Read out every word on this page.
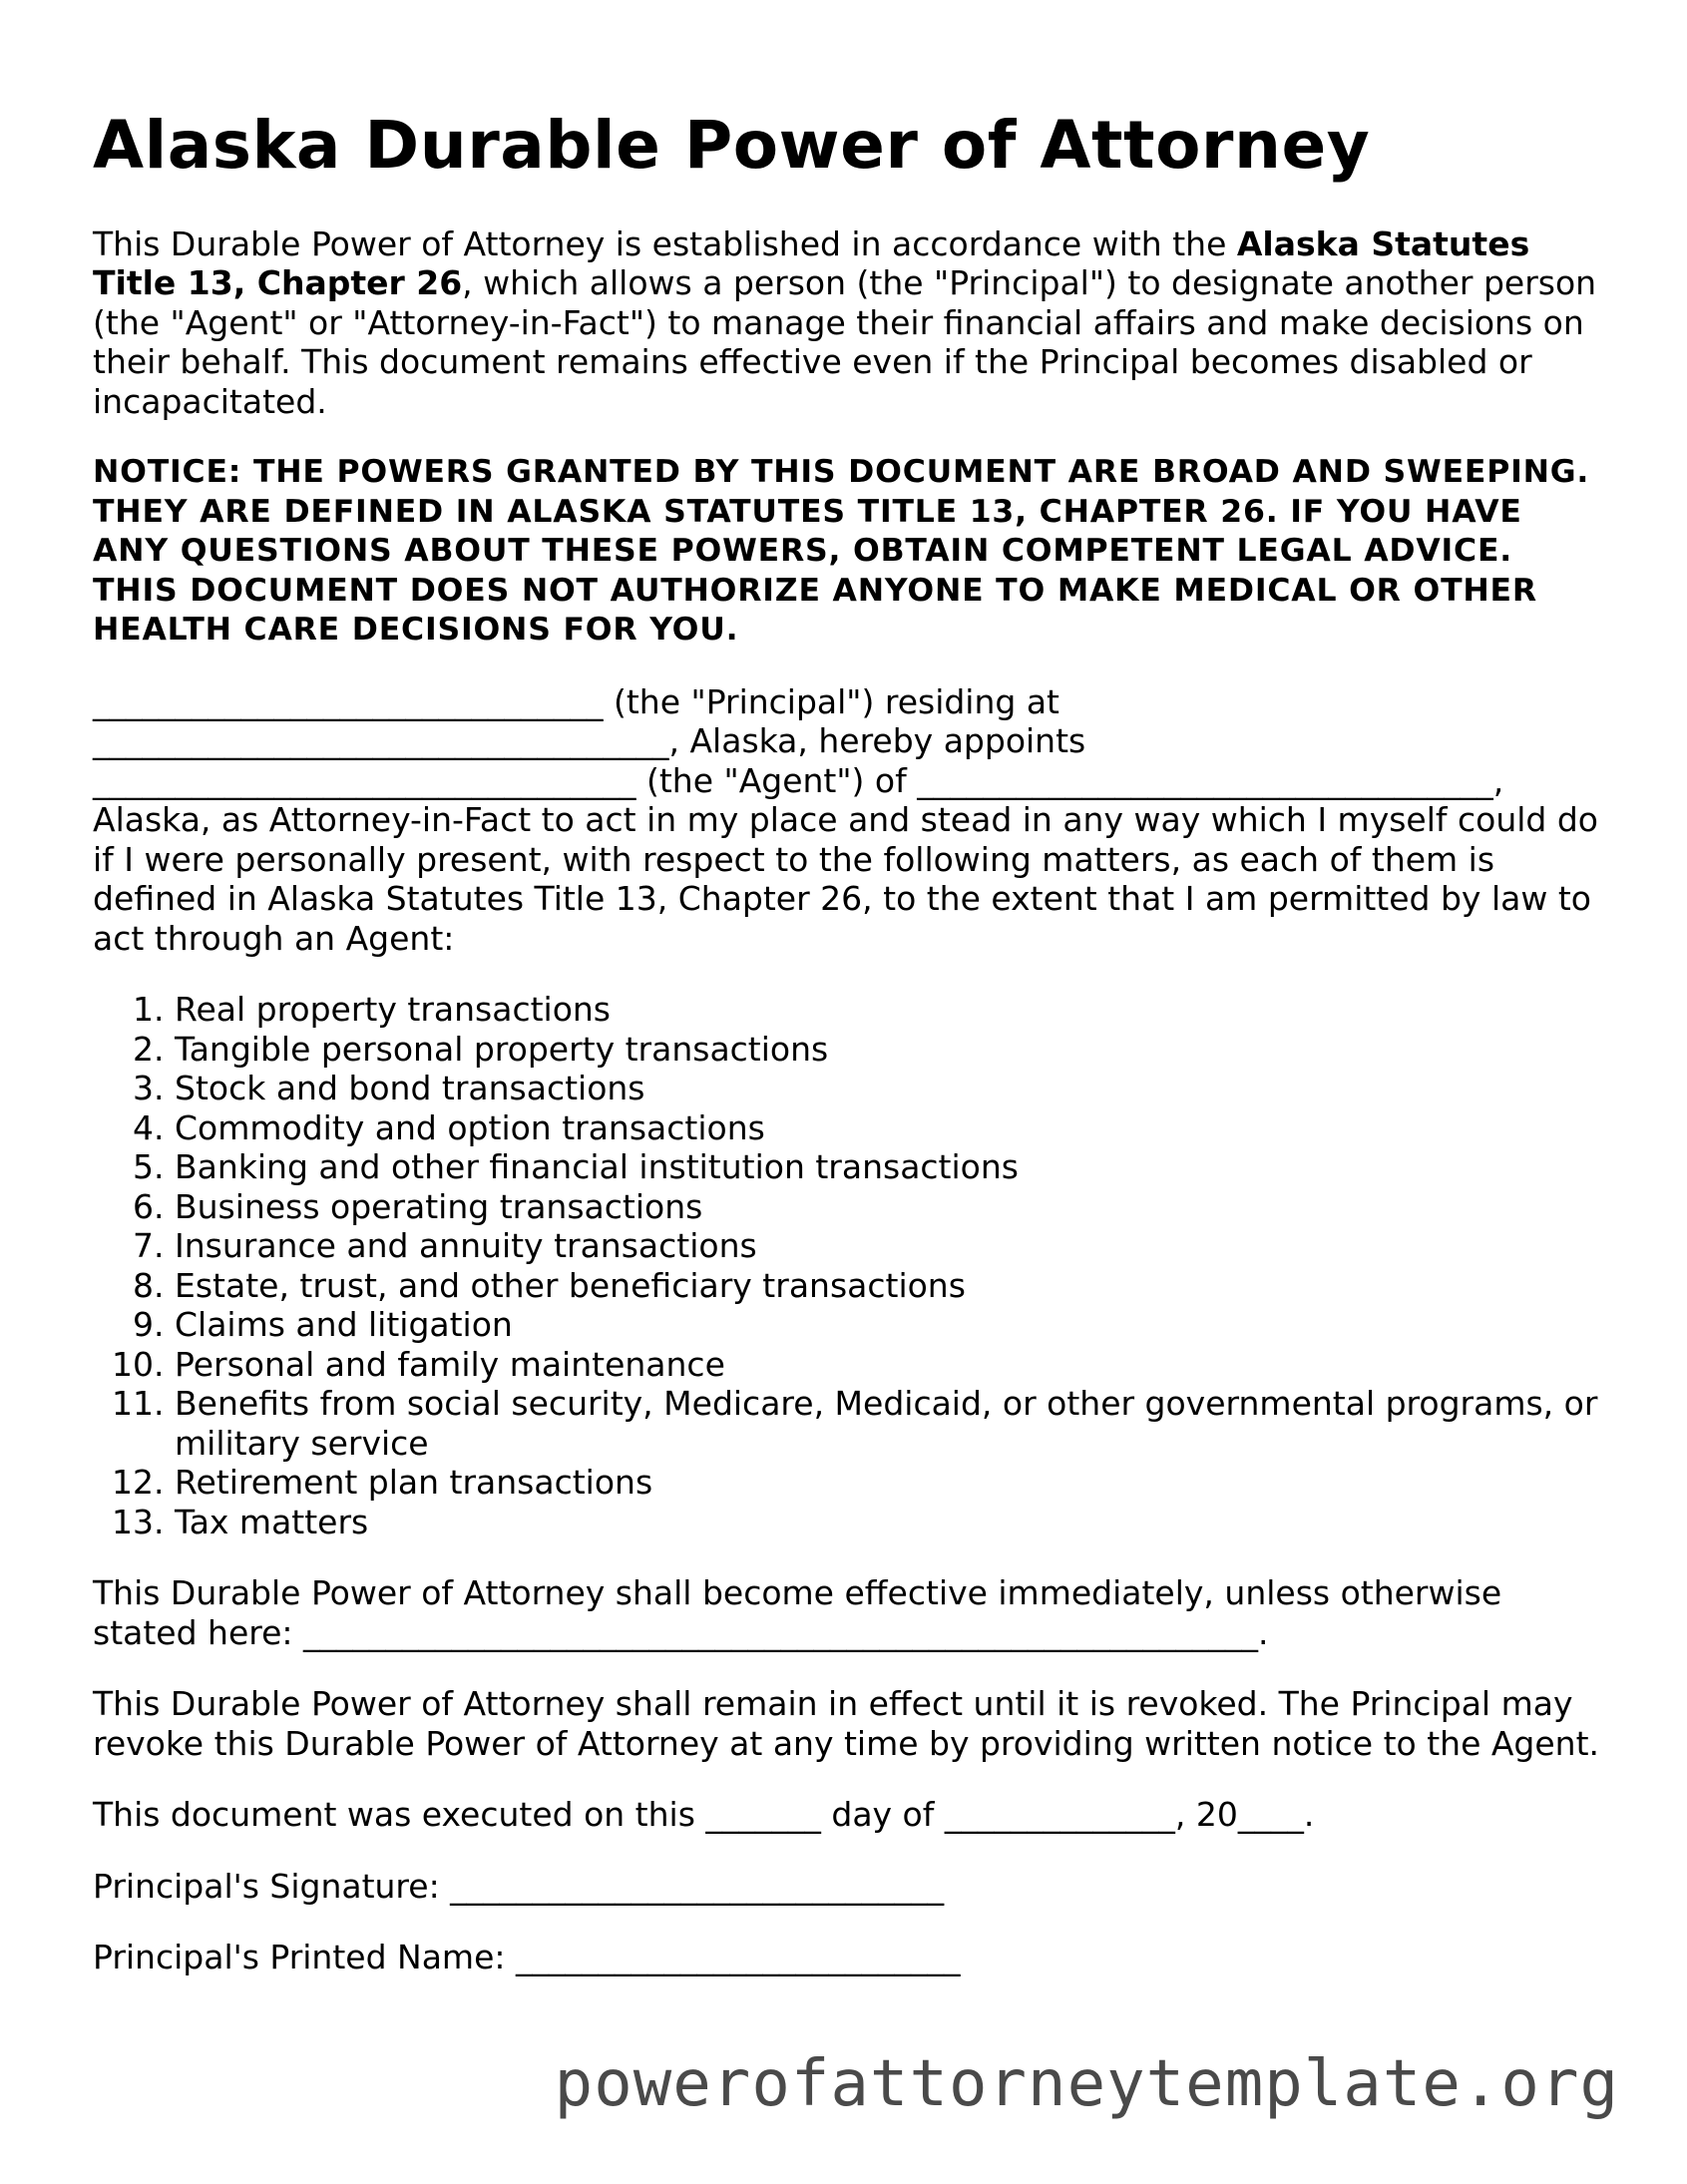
Alaska Durable Power of Attorney

This Durable Power of Attorney is established in accordance with the Alaska Statutes Title 13, Chapter 26, which allows a person (the "Principal") to designate another person (the "Agent" or "Attorney-in-Fact") to manage their financial affairs and make decisions on their behalf. This document remains effective even if the Principal becomes disabled or incapacitated.

NOTICE: THE POWERS GRANTED BY THIS DOCUMENT ARE BROAD AND SWEEPING. THEY ARE DEFINED IN ALASKA STATUTES TITLE 13, CHAPTER 26. IF YOU HAVE ANY QUESTIONS ABOUT THESE POWERS, OBTAIN COMPETENT LEGAL ADVICE. THIS DOCUMENT DOES NOT AUTHORIZE ANYONE TO MAKE MEDICAL OR OTHER HEALTH CARE DECISIONS FOR YOU.

_______________________________ (the "Principal") residing at
___________________________________, Alaska, hereby appoints
_________________________________ (the "Agent") of ___________________________________,
Alaska, as Attorney-in-Fact to act in my place and stead in any way which I myself could do if I were personally present, with respect to the following matters, as each of them is defined in Alaska Statutes Title 13, Chapter 26, to the extent that I am permitted by law to act through an Agent:

1. Real property transactions
2. Tangible personal property transactions
3. Stock and bond transactions
4. Commodity and option transactions
5. Banking and other financial institution transactions
6. Business operating transactions
7. Insurance and annuity transactions
8. Estate, trust, and other beneficiary transactions
9. Claims and litigation
10. Personal and family maintenance
11. Benefits from social security, Medicare, Medicaid, or other governmental programs, or military service
12. Retirement plan transactions
13. Tax matters

This Durable Power of Attorney shall become effective immediately, unless otherwise stated here: __________________________________________________________.

This Durable Power of Attorney shall remain in effect until it is revoked. The Principal may revoke this Durable Power of Attorney at any time by providing written notice to the Agent.

This document was executed on this _______ day of ______________, 20____.

Principal's Signature: ______________________________

Principal's Printed Name: ___________________________

powerofattorneytemplate.org
